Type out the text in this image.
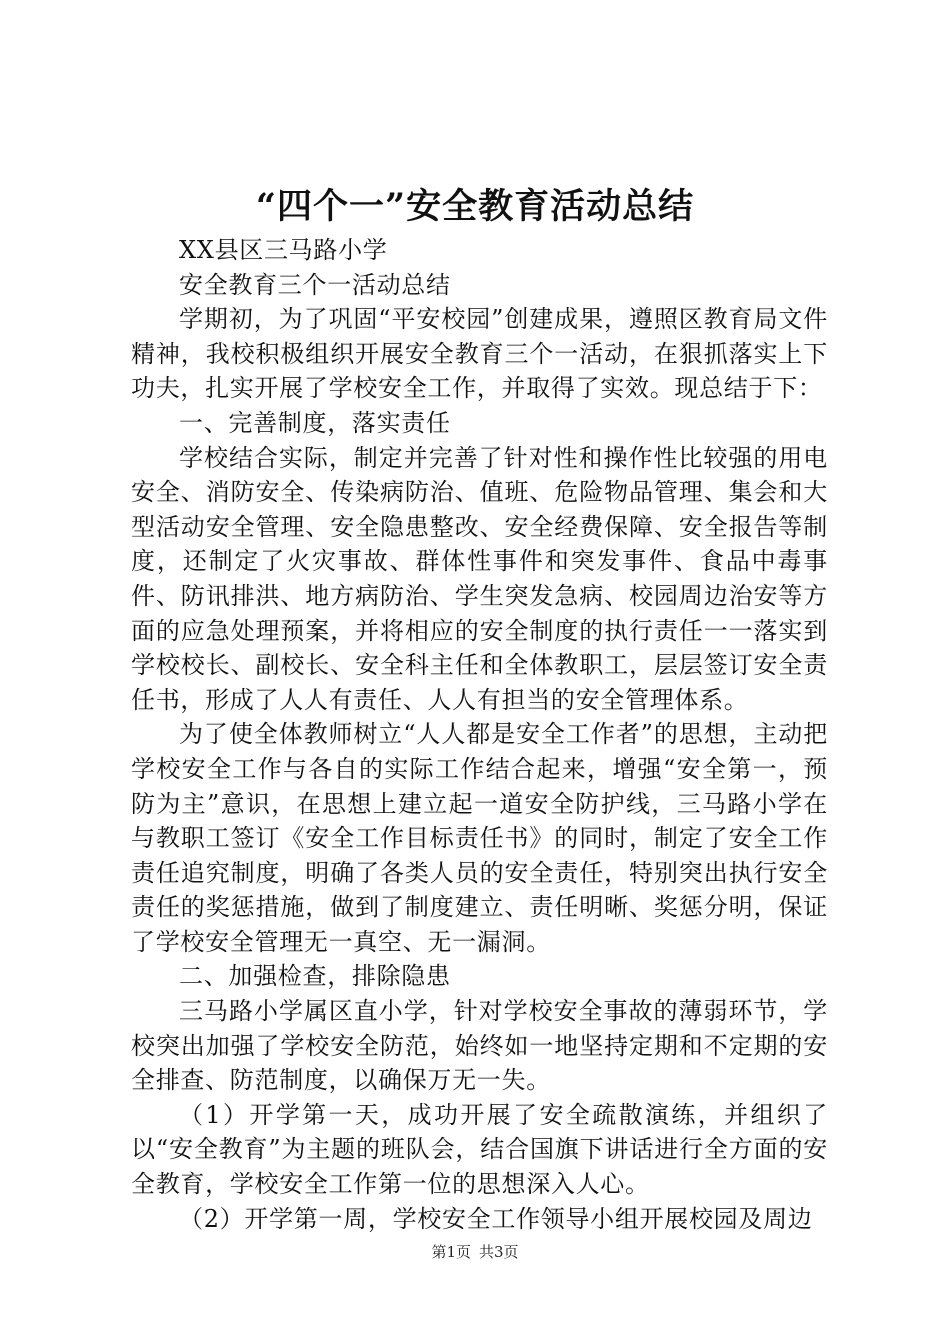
“四个一”安全教育活动总结

XX县区三马路小学

安全教育三个一活动总结

学期初，为了巩固“平安校园”创建成果，遵照区教育局文件精神，我校积极组织开展安全教育三个一活动，在狠抓落实上下功夫，扎实开展了学校安全工作，并取得了实效。现总结于下：

一、完善制度，落实责任

学校结合实际，制定并完善了针对性和操作性比较强的用电安全、消防安全、传染病防治、值班、危险物品管理、集会和大型活动安全管理、安全隐患整改、安全经费保障、安全报告等制度，还制定了火灾事故、群体性事件和突发事件、食品中毒事件、防讯排洪、地方病防治、学生突发急病、校园周边治安等方面的应急处理预案，并将相应的安全制度的执行责任一一落实到学校校长、副校长、安全科主任和全体教职工，层层签订安全责任书，形成了人人有责任、人人有担当的安全管理体系。

为了使全体教师树立“人人都是安全工作者”的思想，主动把学校安全工作与各自的实际工作结合起来，增强“安全第一，预防为主”意识，在思想上建立起一道安全防护线，三马路小学在与教职工签订《安全工作目标责任书》的同时，制定了安全工作责任追究制度，明确了各类人员的安全责任，特别突出执行安全责任的奖惩措施，做到了制度建立、责任明晰、奖惩分明，保证了学校安全管理无一真空、无一漏洞。

二、加强检查，排除隐患

三马路小学属区直小学，针对学校安全事故的薄弱环节，学校突出加强了学校安全防范，始终如一地坚持定期和不定期的安全排查、防范制度，以确保万无一失。

（1）开学第一天，成功开展了安全疏散演练，并组织了以“安全教育”为主题的班队会，结合国旗下讲话进行全方面的安全教育，学校安全工作第一位的思想深入人心。

（2）开学第一周，学校安全工作领导小组开展校园及周边

第1页 共3页
